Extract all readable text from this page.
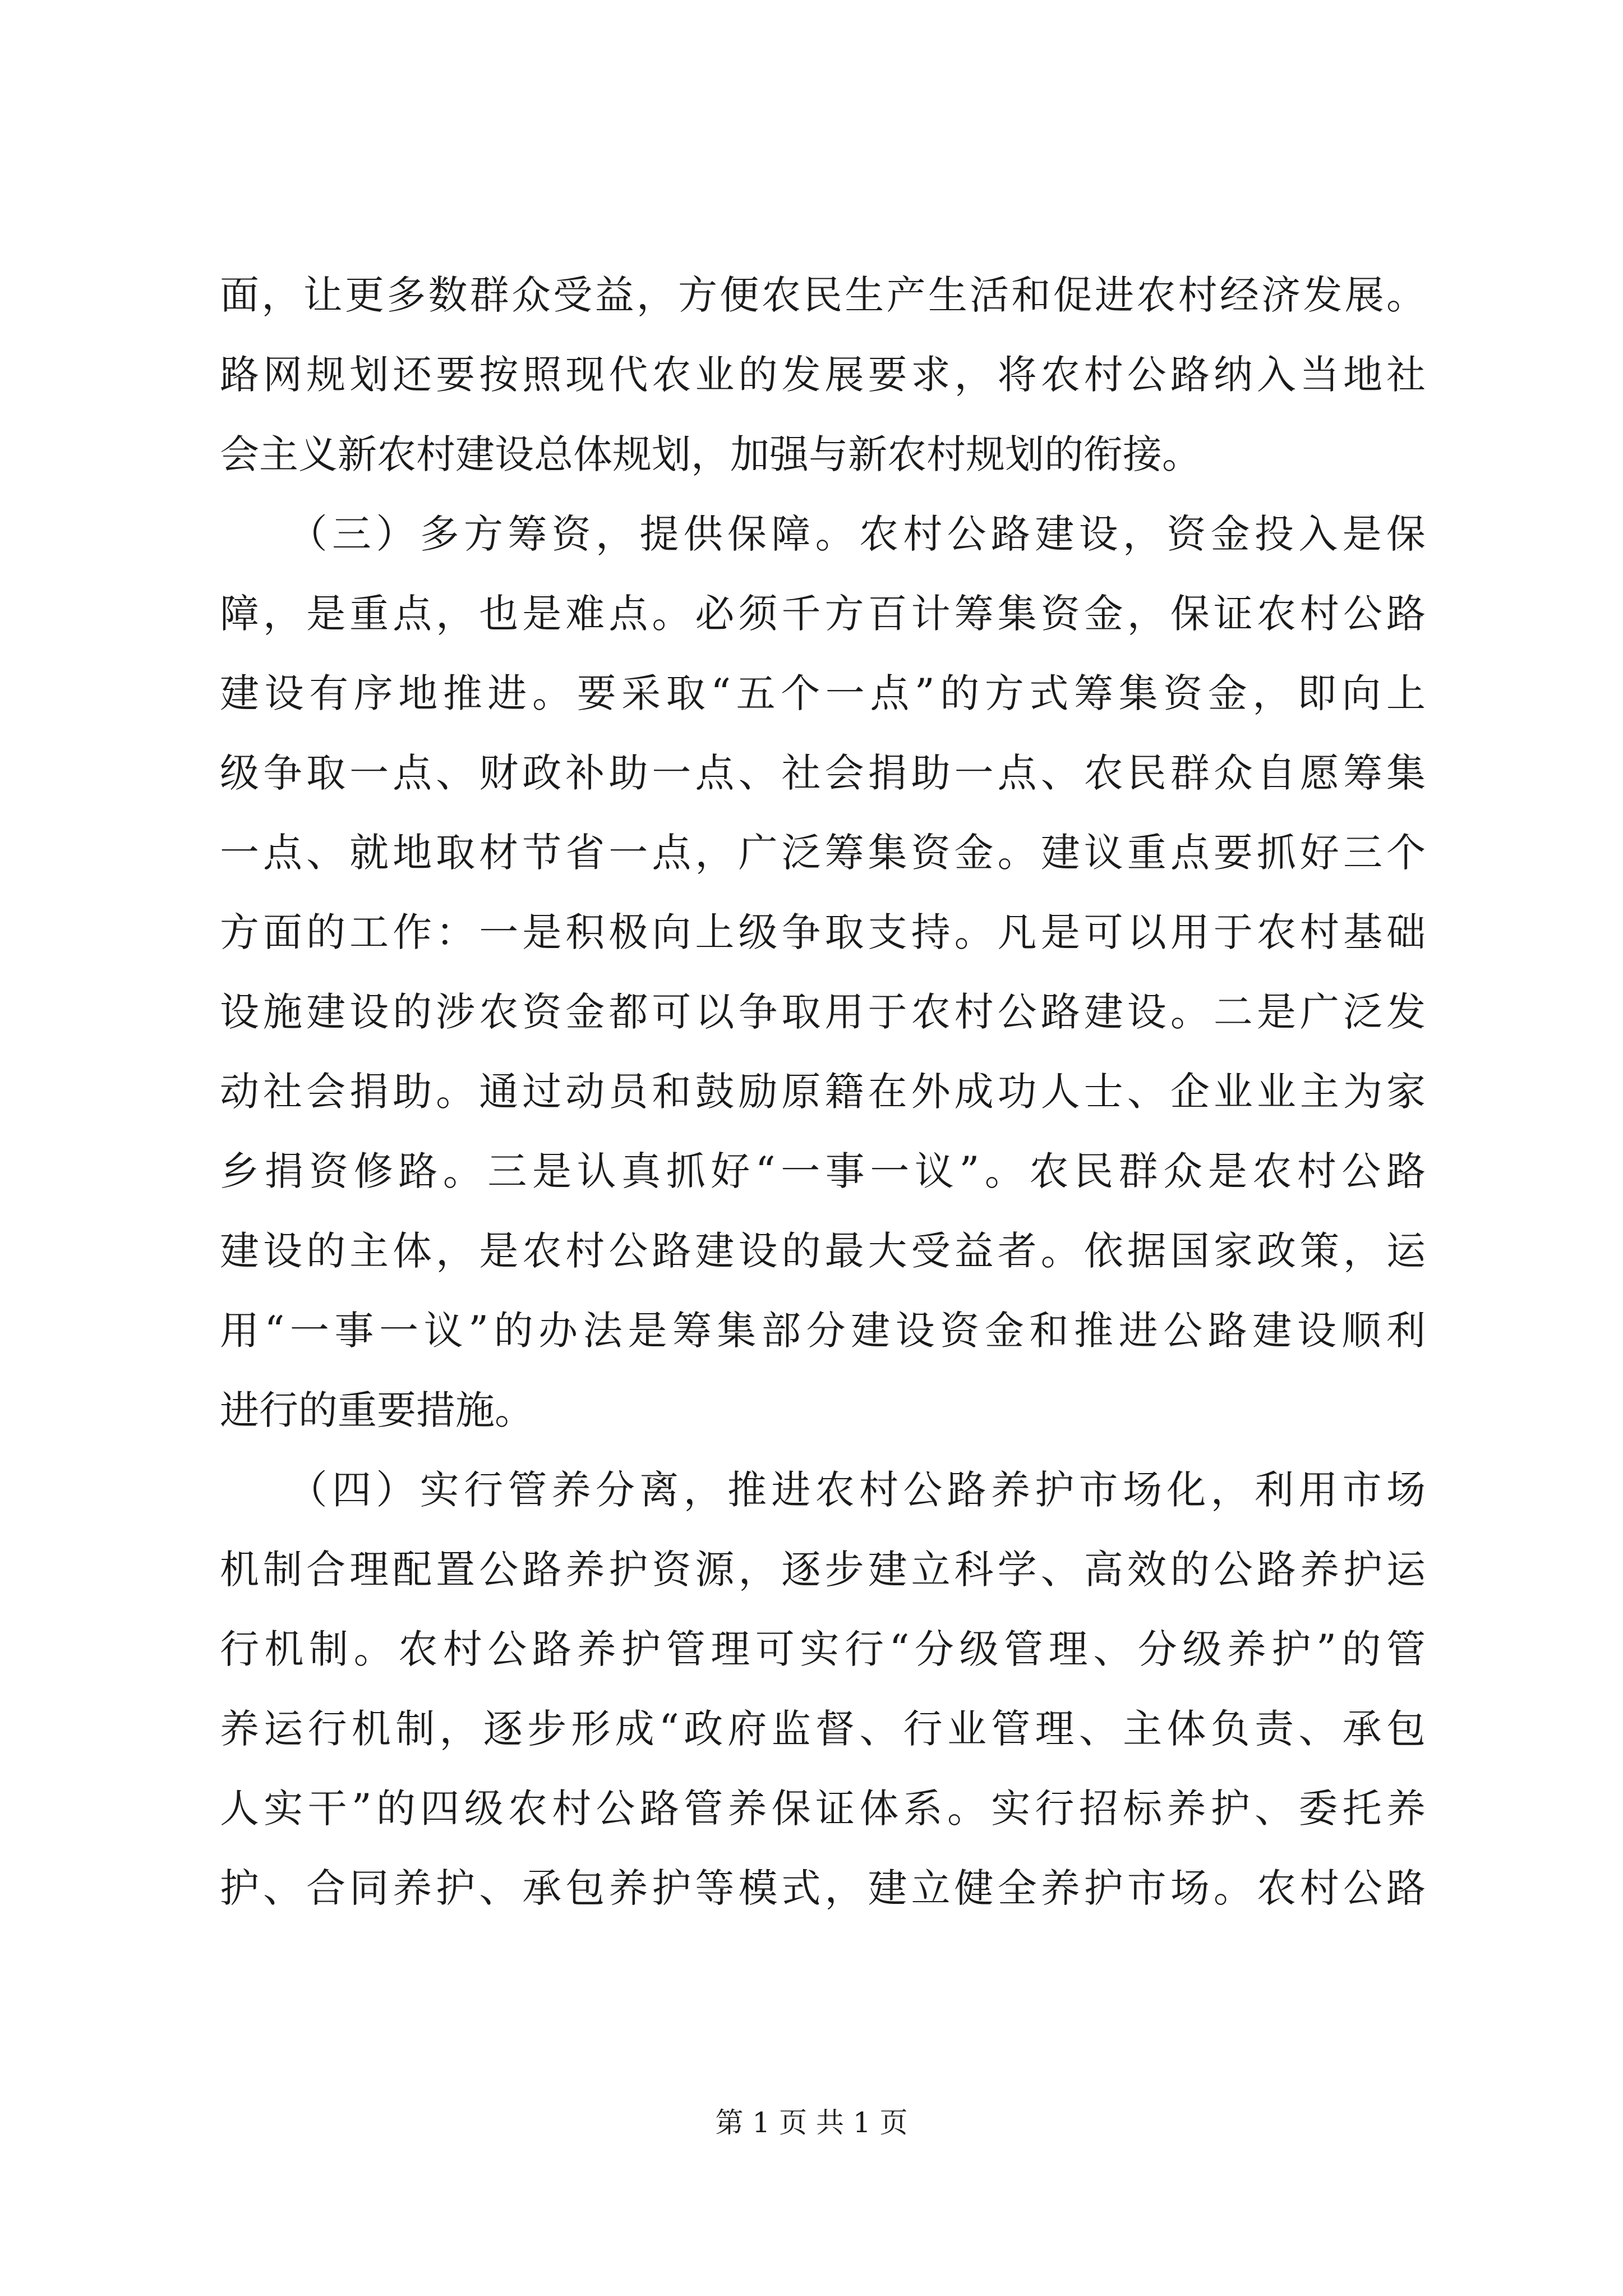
面，让更多数群众受益，方便农民生产生活和促进农村经济发展。
路网规划还要按照现代农业的发展要求，将农村公路纳入当地社
会主义新农村建设总体规划，加强与新农村规划的衔接。
　　（三）多方筹资，提供保障。农村公路建设，资金投入是保
障，是重点，也是难点。必须千方百计筹集资金，保证农村公路
建设有序地推进。要采取“五个一点”的方式筹集资金，即向上
级争取一点、财政补助一点、社会捐助一点、农民群众自愿筹集
一点、就地取材节省一点，广泛筹集资金。建议重点要抓好三个
方面的工作：一是积极向上级争取支持。凡是可以用于农村基础
设施建设的涉农资金都可以争取用于农村公路建设。二是广泛发
动社会捐助。通过动员和鼓励原籍在外成功人士、企业业主为家
乡捐资修路。三是认真抓好“一事一议”。农民群众是农村公路
建设的主体，是农村公路建设的最大受益者。依据国家政策，运
用“一事一议”的办法是筹集部分建设资金和推进公路建设顺利
进行的重要措施。
　　（四）实行管养分离，推进农村公路养护市场化，利用市场
机制合理配置公路养护资源，逐步建立科学、高效的公路养护运
行机制。农村公路养护管理可实行“分级管理、分级养护”的管
养运行机制，逐步形成“政府监督、行业管理、主体负责、承包
人实干”的四级农村公路管养保证体系。实行招标养护、委托养
护、合同养护、承包养护等模式，建立健全养护市场。农村公路
第 1 页 共 1 页
